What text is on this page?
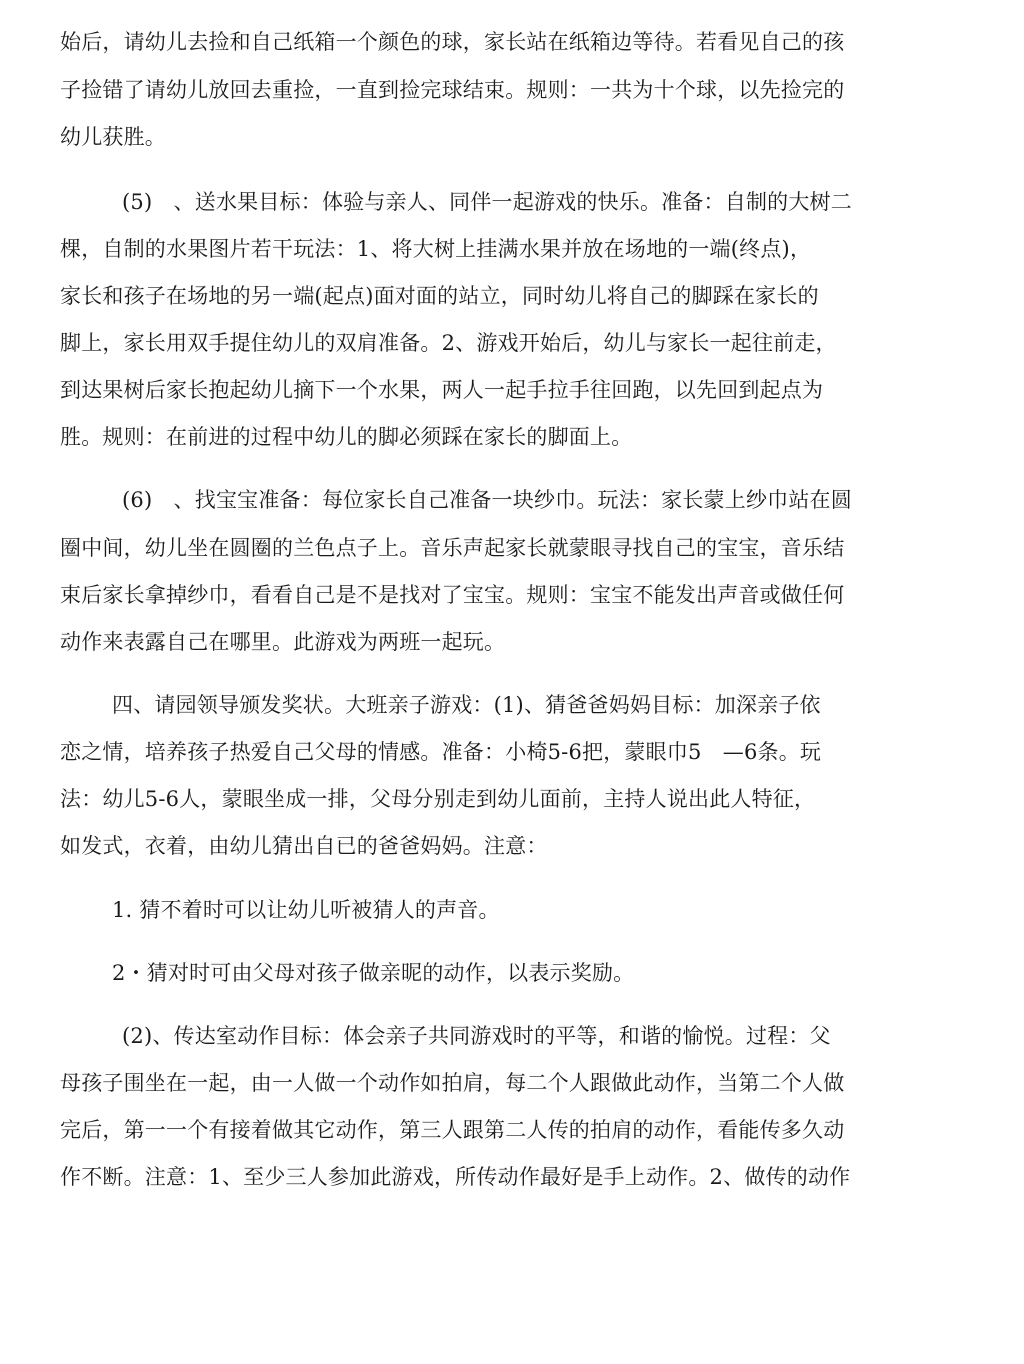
始后，请幼儿去捡和自己纸箱一个颜色的球，家长站在纸箱边等待。若看见自己的孩
子捡错了请幼儿放回去重捡，一直到捡完球结束。规则：一共为十个球，以先捡完的
幼儿获胜。
(5)　、送水果目标：体验与亲人、同伴一起游戏的快乐。准备：自制的大树二
棵，自制的水果图片若干玩法：1、将大树上挂满水果并放在场地的一端(终点)，
家长和孩子在场地的另一端(起点)面对面的站立，同时幼儿将自己的脚踩在家长的
脚上，家长用双手提住幼儿的双肩准备。2、游戏开始后，幼儿与家长一起往前走，
到达果树后家长抱起幼儿摘下一个水果，两人一起手拉手往回跑，以先回到起点为
胜。规则：在前进的过程中幼儿的脚必须踩在家长的脚面上。
(6)　、找宝宝准备：每位家长自己准备一块纱巾。玩法：家长蒙上纱巾站在圆
圈中间，幼儿坐在圆圈的兰色点子上。音乐声起家长就蒙眼寻找自己的宝宝，音乐结
束后家长拿掉纱巾，看看自己是不是找对了宝宝。规则：宝宝不能发出声音或做任何
动作来表露自己在哪里。此游戏为两班一起玩。
四、请园领导颁发奖状。大班亲子游戏：(1)、猜爸爸妈妈目标：加深亲子依
恋之情，培养孩子热爱自己父母的情感。准备：小椅5-6把，蒙眼巾5　—6条。玩
法：幼儿5-6人，蒙眼坐成一排，父母分别走到幼儿面前，主持人说出此人特征，
如发式，衣着，由幼儿猜出自已的爸爸妈妈。注意：
1. 猜不着时可以让幼儿听被猜人的声音。
2・猜对时可由父母对孩子做亲昵的动作，以表示奖励。
(2)、传达室动作目标：体会亲子共同游戏时的平等，和谐的愉悦。过程：父
母孩子围坐在一起，由一人做一个动作如拍肩，每二个人跟做此动作，当第二个人做
完后，第一一个有接着做其它动作，第三人跟第二人传的拍肩的动作，看能传多久动
作不断。注意：1、至少三人参加此游戏，所传动作最好是手上动作。2、做传的动作
